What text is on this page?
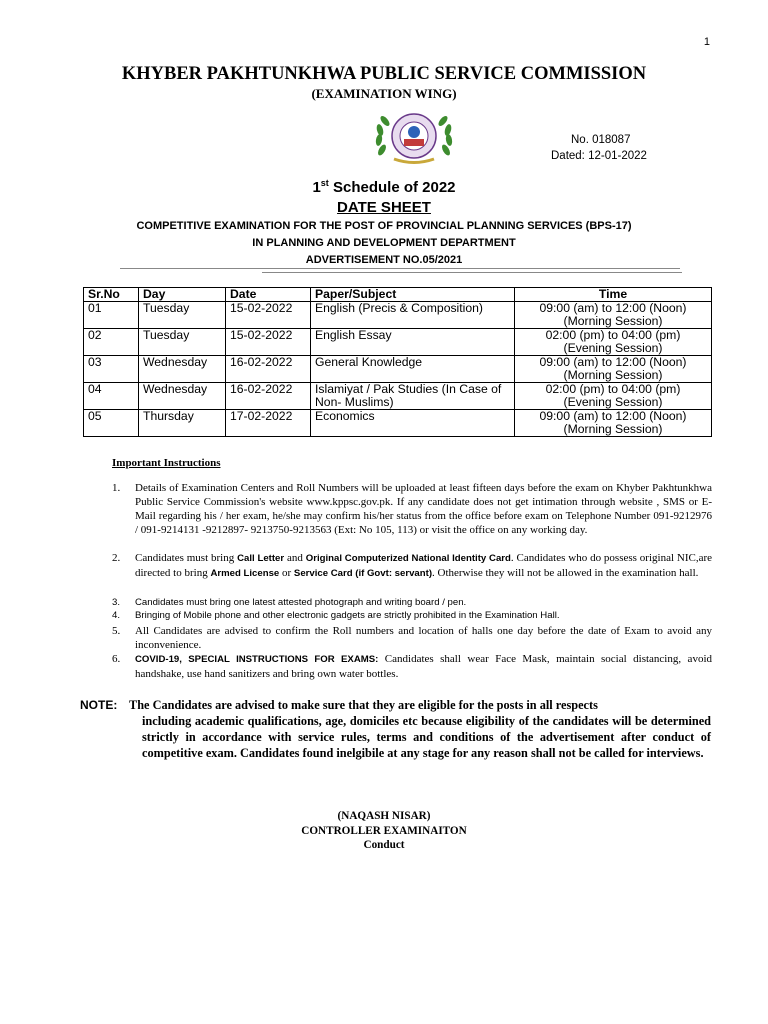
1
KHYBER PAKHTUNKHWA PUBLIC SERVICE COMMISSION
(EXAMINATION WING)
No. 018087
Dated: 12-01-2022
1st Schedule of 2022
DATE SHEET
COMPETITIVE EXAMINATION FOR THE POST OF PROVINCIAL PLANNING SERVICES (BPS-17)
IN PLANNING AND DEVELOPMENT DEPARTMENT
ADVERTISEMENT NO.05/2021
Sr.No	Day	Date	Paper/Subject	Time
01	Tuesday	15-02-2022	English (Precis & Composition)	09:00 (am) to 12:00 (Noon)
(Morning Session)

02	Tuesday	15-02-2022	English Essay	02:00 (pm) to 04:00 (pm)
(Evening Session)

03	Wednesday	16-02-2022	General Knowledge	09:00 (am) to 12:00 (Noon)
(Morning Session)

04	Wednesday	16-02-2022	Islamiyat / Pak Studies (In Case of Non- Muslims)	02:00 (pm) to 04:00 (pm)
(Evening Session)

05	Thursday	17-02-2022	Economics	09:00 (am) to 12:00 (Noon)
(Morning Session)
Important Instructions
1. Details of Examination Centers and Roll Numbers will be uploaded at least fifteen days before the exam on Khyber Pakhtunkhwa Public Service Commission's website www.kppsc.gov.pk. If any candidate does not get intimation through website , SMS or E-Mail regarding his / her exam, he/she may confirm his/her status from the office before exam on Telephone Number 091-9212976 / 091-9214131 -9212897- 9213750-9213563 (Ext: No 105, 113) or visit the office on any working day.
2. Candidates must bring Call Letter and Original Computerized National Identity Card. Candidates who do possess original NIC,are directed to bring Armed License or Service Card (if Govt: servant). Otherwise they will not be allowed in the examination hall.
3. Candidates must bring one latest attested photograph and writing board / pen.
4. Bringing of Mobile phone and other electronic gadgets are strictly prohibited in the Examination Hall.
5. All Candidates are advised to confirm the Roll numbers and location of halls one day before the date of Exam to avoid any inconvenience.
6. COVID-19, SPECIAL INSTRUCTIONS FOR EXAMS: Candidates shall wear Face Mask, maintain social distancing, avoid handshake, use hand sanitizers and bring own water bottles.
NOTE: The Candidates are advised to make sure that they are eligible for the posts in all respects
including academic qualifications, age, domiciles etc because eligibility of the candidates will be determined strictly in accordance with service rules, terms and conditions of the advertisement after conduct of competitive exam. Candidates found inelgibile at any stage for any reason shall not be called for interviews.
(NAQASH NISAR)
CONTROLLER EXAMINAITON
Conduct
